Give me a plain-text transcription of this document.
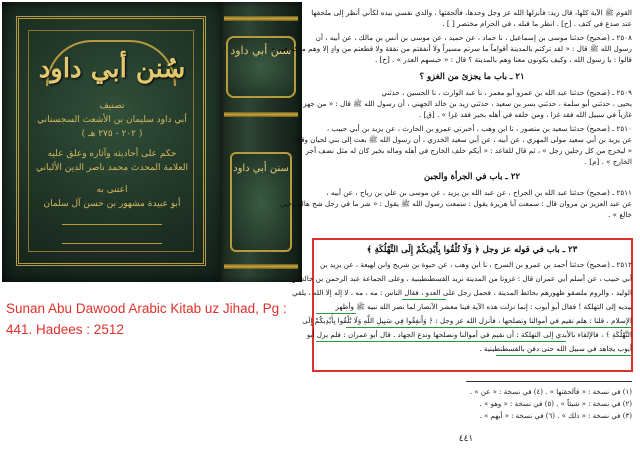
سُنن أبي داود
تصنيف
أبي داود سليمان بن الأشعث السجستاني
( ٢٠٢ - ٢٧٥ هـ )
حكم على أحاديثه وآثاره وعلق عليه
العلامة المحدث محمد ناصر الدين الألباني
اعتنى به
أبو عبيدة مشهور بن حسن آل سلمان
سنن أبي داود
سنن أبي داود
Sunan Abu Dawood Arabic Kitab uz Jihad, Pg : 441. Hadees : 2512
القوم ﷺ الآية كلها، قال زيد: فأنزلها الله عز وجل وحدها، فألحقتها ، والذي نفسي بيده لكأني أنظر إلى ملحقها
عند صدع في كتف . [ح] . انظر ما قبله ، في الحرام مختصر [ ] .
٢٥٠٨ ـ (صحيح) حدثنا موسى بن إسماعيل ، نا حماد ، عن حميد ، عن موسى بن أنس بن مالك ، عن أبيه ، أن
رسول الله ﷺ قال : « لقد تركتم بالمدينة أقواماً ما سرتم مسيراً ولا أنفقتم من نفقة ولا قطعتم من وادٍ إلا وهم معكم فيه »
قالوا : يا رسول الله ، وكيف يكونون معنا وهم بالمدينة ؟ قال : « حبسهم العذر » . [خ] .
٢١ ـ باب ما يجزئ من الغزو ؟
٢٥٠٩ ـ (صحيح) حدثنا عبد الله بن عمرو أبو معمر ، نا عبد الوارث ، نا الحسين ، حدثني
يحيى ، حدثني أبو سلمة ، حدثني بسر بن سعيد ، حدثني زيد بن خالد الجهني ، أن رسول الله ﷺ قال : « من جهز
غازياً في سبيل الله فقد غزا ، ومن خلفه في أهله بخير فقد غزا » . [ق] .
٢٥١٠ ـ (صحيح) حدثنا سعيد بن منصور ، نا ابن وهب ، أخبرني عمرو بن الحارث ، عن يزيد بن أبي حبيب ،
عن يزيد بن أبي سعيد مولى المهري ، عن أبيه ، عن أبي سعيد الخدري ، أن رسول الله ﷺ بعث إلى بني لحيان وقال :
« ليخرج من كل رجلين رجل » ، ثم قال للقاعد : « أيكم خلف الخارج في أهله وماله بخير كان له مثل نصف أجر
الخارج » . [م] .
٢٢ ـ باب في الجرأة والجبن
٢٥١١ ـ (صحيح) حدثنا عبد الله بن الجراح ، عن عبد الله بن يزيد ، عن موسى بن علي بن رباح ، عن أبيه ،
عن عبد العزيز بن مروان قال : سمعت أبا هريرة يقول : سمعت رسول الله ﷺ يقول : « شر ما في رجل شح هالع وجبن
خالع » .
٢٣ ـ باب في قوله عز وجل ﴿ وَلَا تُلْقُوا بِأَيْدِيكُمْ إِلَى التَّهْلُكَةِ ﴾
٢٥١٢ ـ (صحيح) حدثنا أحمد بن عمرو بن السرح ، نا ابن وهب ، عن حيوة بن شريح وابن لهيعة ، عن يزيد بن
أبي حبيب ، عن أسلم أبي عمران قال : غزونا من المدينة نريد القسطنطينية ، وعلى الجماعة عبد الرحمن بن خالد بن
الوليد ، والروم ملصقو ظهورهم بحائط المدينة ، فحمل رجل على العدو ، فقال الناس : مه ، مه ، لا إله إلا الله ، يلقي
بيديه إلى التهلكة ! فقال أبو أيوب : إنما نزلت هذه الآية فينا معشر الأنصار لما نصر الله نبيه ﷺ وأظهر
الإسلام ، قلنا : هلم نقيم في أموالنا ونصلحها ، فأنزل الله عز وجل : ﴿ وَأَنفِقُوا فِي سَبِيلِ اللَّهِ وَلَا تُلْقُوا بِأَيْدِيكُمْ إِلَى
التَّهْلُكَةِ ﴾ ، فالإلقاء بالأيدي إلى التهلكة : أن نقيم في أموالنا ونصلحها وندع الجهاد . قال أبو عمران : فلم يزل أبو
أيوب يجاهد في سبيل الله حتى دفن بالقسطنطينية .
(١) في نسخة : « فألحقتها » . (٤) في نسخة : « عن » .
(٢) في نسخة : « شيئاً » . (٥) في نسخة : « وهو » .
(٣) في نسخة : « ذلك » . (٦) في نسخة : « أيهم » .
٤٤١
